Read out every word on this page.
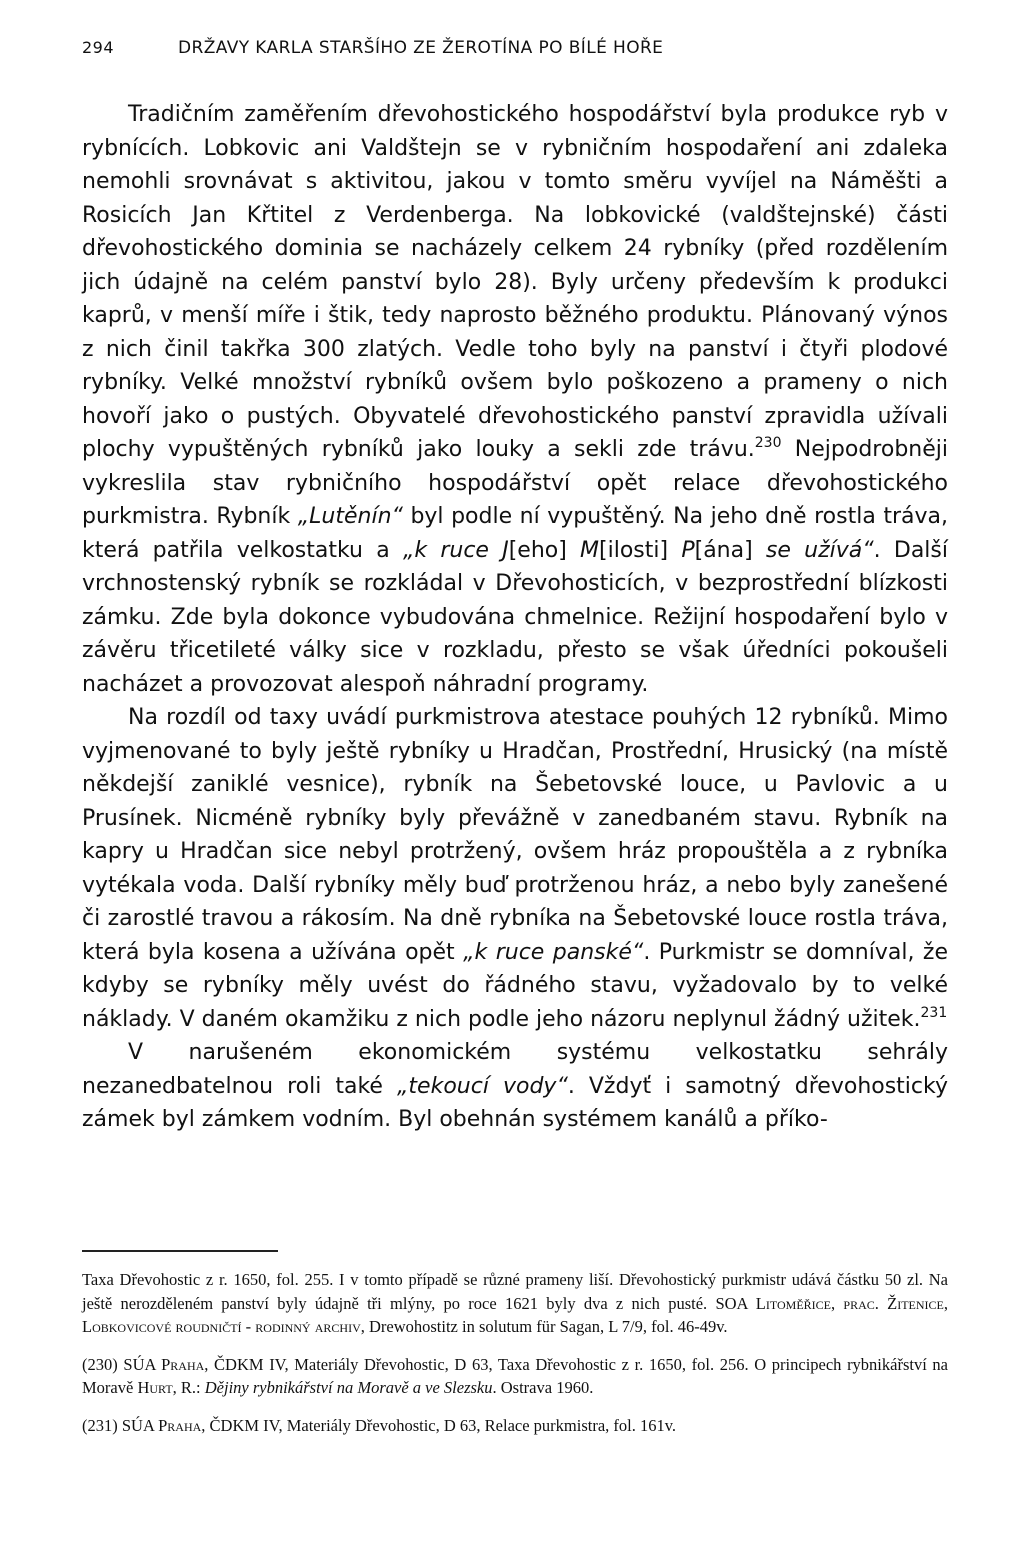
294	DRŽAVY KARLA STARŠÍHO ZE ŽEROTÍNA PO BÍLÉ HOŘE

Tradičním zaměřením dřevohostického hospodářství byla produkce ryb v rybnících. Lobkovic ani Valdštejn se v rybničním hospodaření ani zdaleka nemohli srovnávat s aktivitou, jakou v tomto směru vyvíjel na Náměšti a Rosicích Jan Křtitel z Verdenberga. Na lobkovické (valdštejnské) části dřevohostického dominia se nacházely celkem 24 rybníky (před rozdělením jich údajně na celém panství bylo 28). Byly určeny především k produkci kaprů, v menší míře i štik, tedy naprosto běžného produktu. Plánovaný výnos z nich činil takřka 300 zlatých. Vedle toho byly na panství i čtyři plodové rybníky. Velké množství rybníků ovšem bylo poškozeno a prameny o nich hovoří jako o pustých. Obyvatelé dřevohostického panství zpravidla užívali plochy vypuštěných rybníků jako louky a sekli zde trávu.$^{230}$ Nejpodrobněji vykreslila stav rybničního hospodářství opět relace dřevohostického purkmistra. Rybník „Lutěnín“ byl podle ní vypuštěný. Na jeho dně rostla tráva, která patřila velkostatku a „k ruce J[eho] M[ilosti] P[ána] se užívá“. Další vrchnostenský rybník se rozkládal v Dřevohosticích, v bezprostřední blízkosti zámku. Zde byla dokonce vybudována chmelnice. Režijní hospodaření bylo v závěru třicetileté války sice v rozkladu, přesto se však úředníci pokoušeli nacházet a provozovat alespoň náhradní programy.

Na rozdíl od taxy uvádí purkmistrova atestace pouhých 12 rybníků. Mimo vyjmenované to byly ještě rybníky u Hradčan, Prostřední, Hrusický (na místě někdejší zaniklé vesnice), rybník na Šebetovské louce, u Pavlovic a u Prusínek. Nicméně rybníky byly převážně v zanedbaném stavu. Rybník na kapry u Hradčan sice nebyl protržený, ovšem hráz propouštěla a z rybníka vytékala voda. Další rybníky měly buď protrženou hráz, a nebo byly zanešené či zarostlé travou a rákosím. Na dně rybníka na Šebetovské louce rostla tráva, která byla kosena a užívána opět „k ruce panské“. Purkmistr se domníval, že kdyby se rybníky měly uvést do řádného stavu, vyžadovalo by to velké náklady. V daném okamžiku z nich podle jeho názoru neplynul žádný užitek.$^{231}$

V narušeném ekonomickém systému velkostatku sehrály nezanedbatelnou roli také „tekoucí vody“. Vždyť i samotný dřevohostický zámek byl zámkem vodním. Byl obehnán systémem kanálů a příko-

Taxa Dřevohostic z r. 1650, fol. 255. I v tomto případě se různé prameny liší. Dřevohostický purkmistr udává částku 50 zl. Na ještě nerozděleném panství byly údajně tři mlýny, po roce 1621 byly dva z nich pusté. SOA Litoměřice, prac. Žitenice, Lobkovicové roudničtí - rodinný archiv, Drewohostitz in solutum für Sagan, L 7/9, fol. 46-49v.

(230) SÚA Praha, ČDKM IV, Materiály Dřevohostic, D 63, Taxa Dřevohostic z r. 1650, fol. 256. O principech rybnikářství na Moravě Hurt, R.: Dějiny rybnikářství na Moravě a ve Slezsku. Ostrava 1960.

(231) SÚA Praha, ČDKM IV, Materiály Dřevohostic, D 63, Relace purkmistra, fol. 161v.
